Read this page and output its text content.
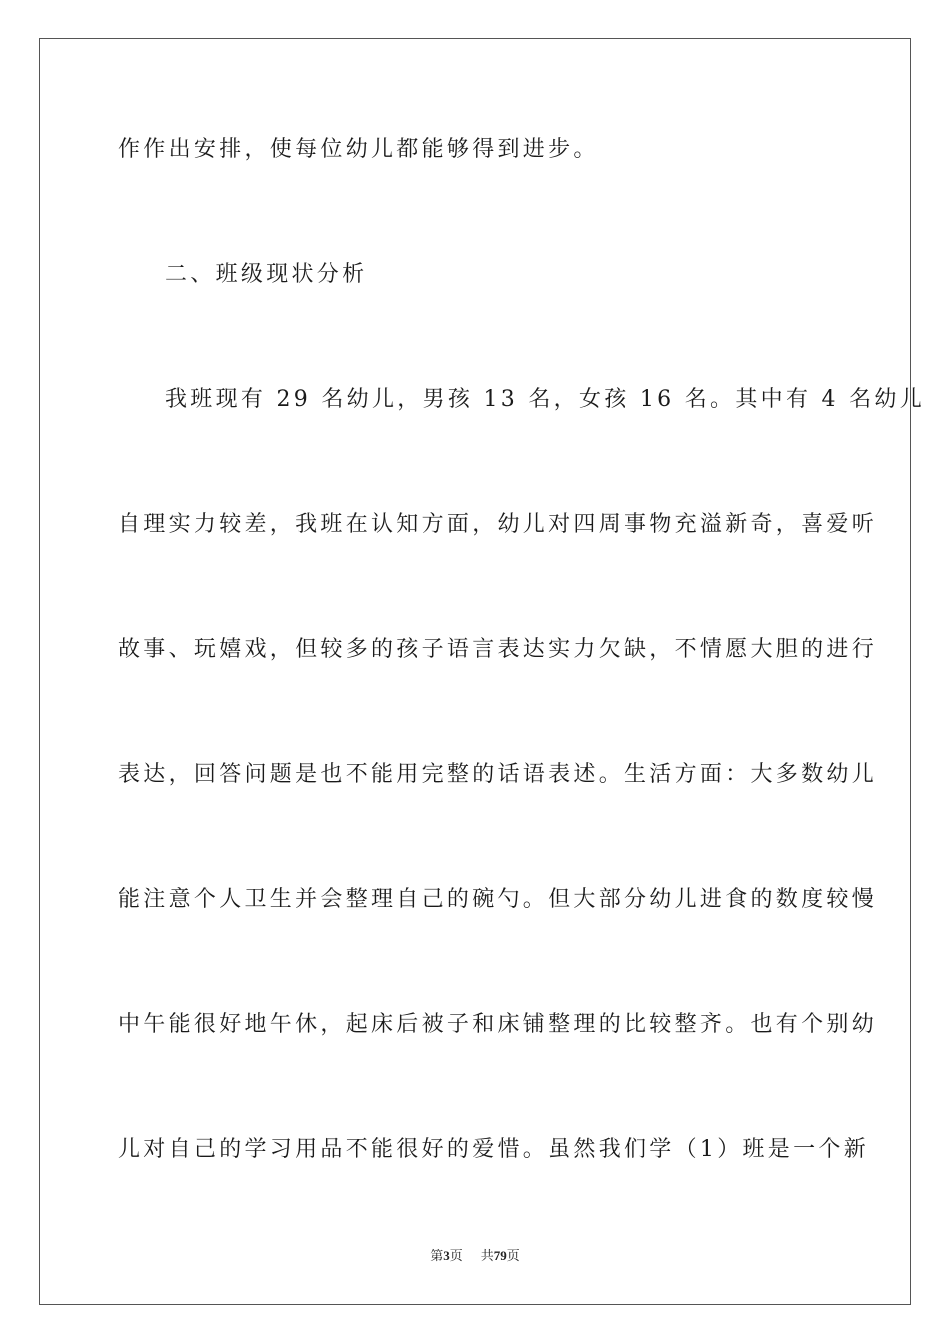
作作出安排，使每位幼儿都能够得到进步。
二、班级现状分析
我班现有 29 名幼儿，男孩 13 名，女孩 16 名。其中有 4 名幼儿
自理实力较差，我班在认知方面，幼儿对四周事物充溢新奇，喜爱听
故事、玩嬉戏，但较多的孩子语言表达实力欠缺，不情愿大胆的进行
表达，回答问题是也不能用完整的话语表述。生活方面：大多数幼儿
能注意个人卫生并会整理自己的碗勺。但大部分幼儿进食的数度较慢
中午能很好地午休，起床后被子和床铺整理的比较整齐。也有个别幼
儿对自己的学习用品不能很好的爱惜。虽然我们学（1）班是一个新
第3页 共79页
